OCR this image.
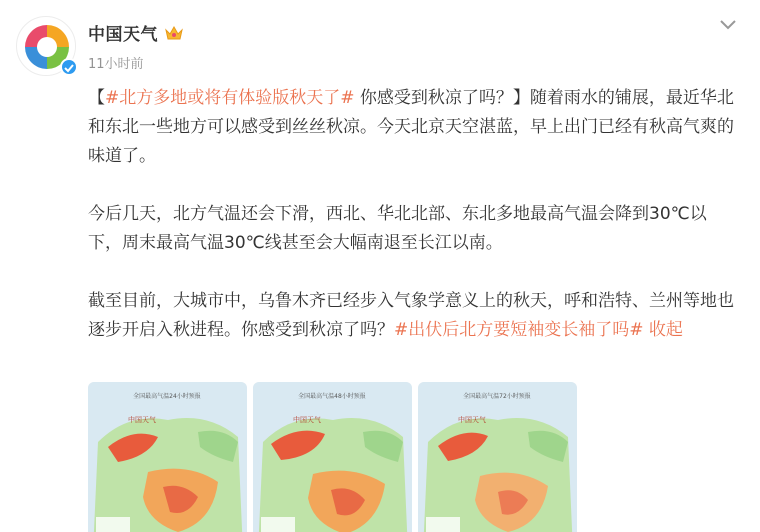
中国天气
11小时前

【#北方多地或将有体验版秋天了# 你感受到秋凉了吗？】随着雨水的铺展，最近华北和东北一些地方可以感受到丝丝秋凉。今天北京天空湛蓝，早上出门已经有秋高气爽的味道了。

今后几天，北方气温还会下滑，西北、华北北部、东北多地最高气温会降到30℃以下，周末最高气温30℃线甚至会大幅南退至长江以南。

截至目前，大城市中，乌鲁木齐已经步入气象学意义上的秋天，呼和浩特、兰州等地也逐步开启入秋进程。你感受到秋凉了吗？#出伏后北方要短袖变长袖了吗# 收起

全国最高气温24小时预报
中国天气
全国最高气温48小时预报
中国天气
全国最高气温72小时预报
中国天气
